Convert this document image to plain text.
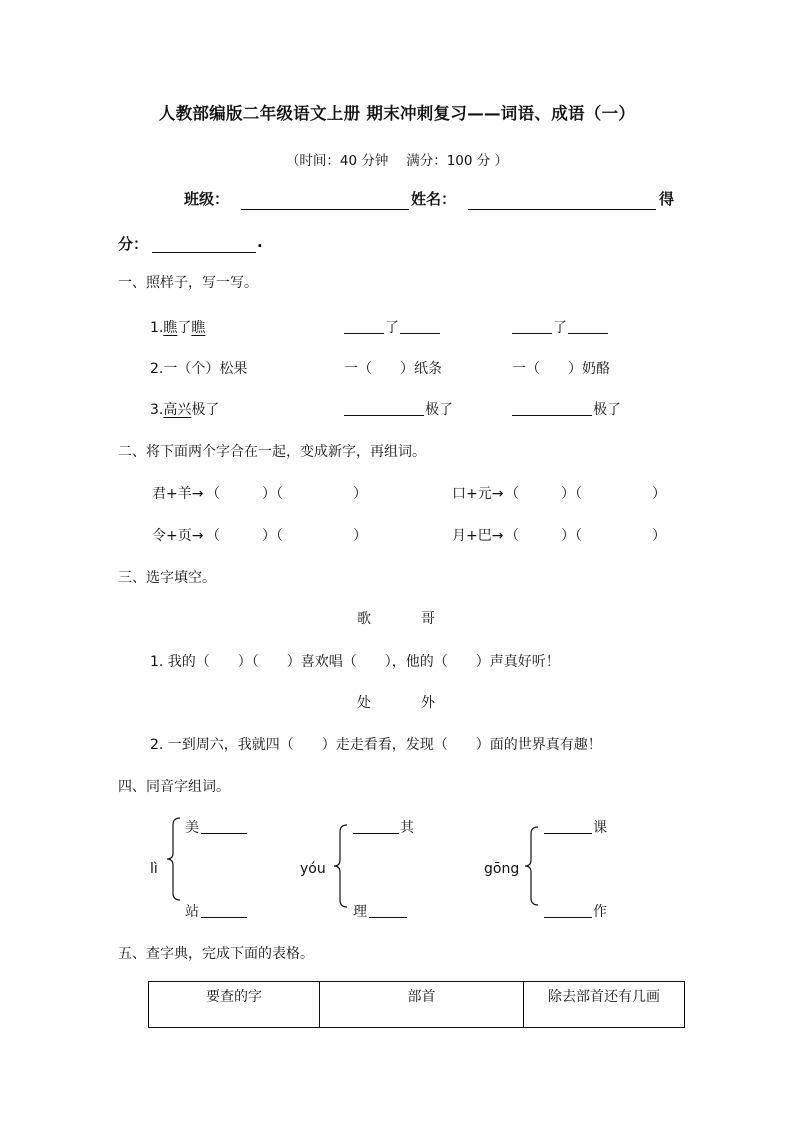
人教部编版二年级语文上册 期末冲刺复习——词语、成语（一）
（时间：40 分钟　 满分：100 分 ）
班级：	姓名：	得
分：	.
一、照样子，写一写。
1.瞧了瞧	了	了
2.一（个）松果	一（　　）纸条	一（　　）奶酪
3.高兴极了	极了	极了
二、将下面两个字合在一起，变成新字，再组词。
君+羊→ （　　　）（　　　　　）	口+元→ （　　　）（　　　　　）
令+页→ （　　　）（　　　　　）	月+巴→ （　　　）（　　　　　）
三、选字填空。
歌	哥
1. 我的（　　）（　　）喜欢唱（　　），他的（　　）声真好听！
处	外
2. 一到周六，我就四（　　）走走看看，发现（　　）面的世界真有趣！
四、同音字组词。
lì
美
站
yóu
其
理
gōng
课
作
五、查字典，完成下面的表格。
要查的字	部首	除去部首还有几画
